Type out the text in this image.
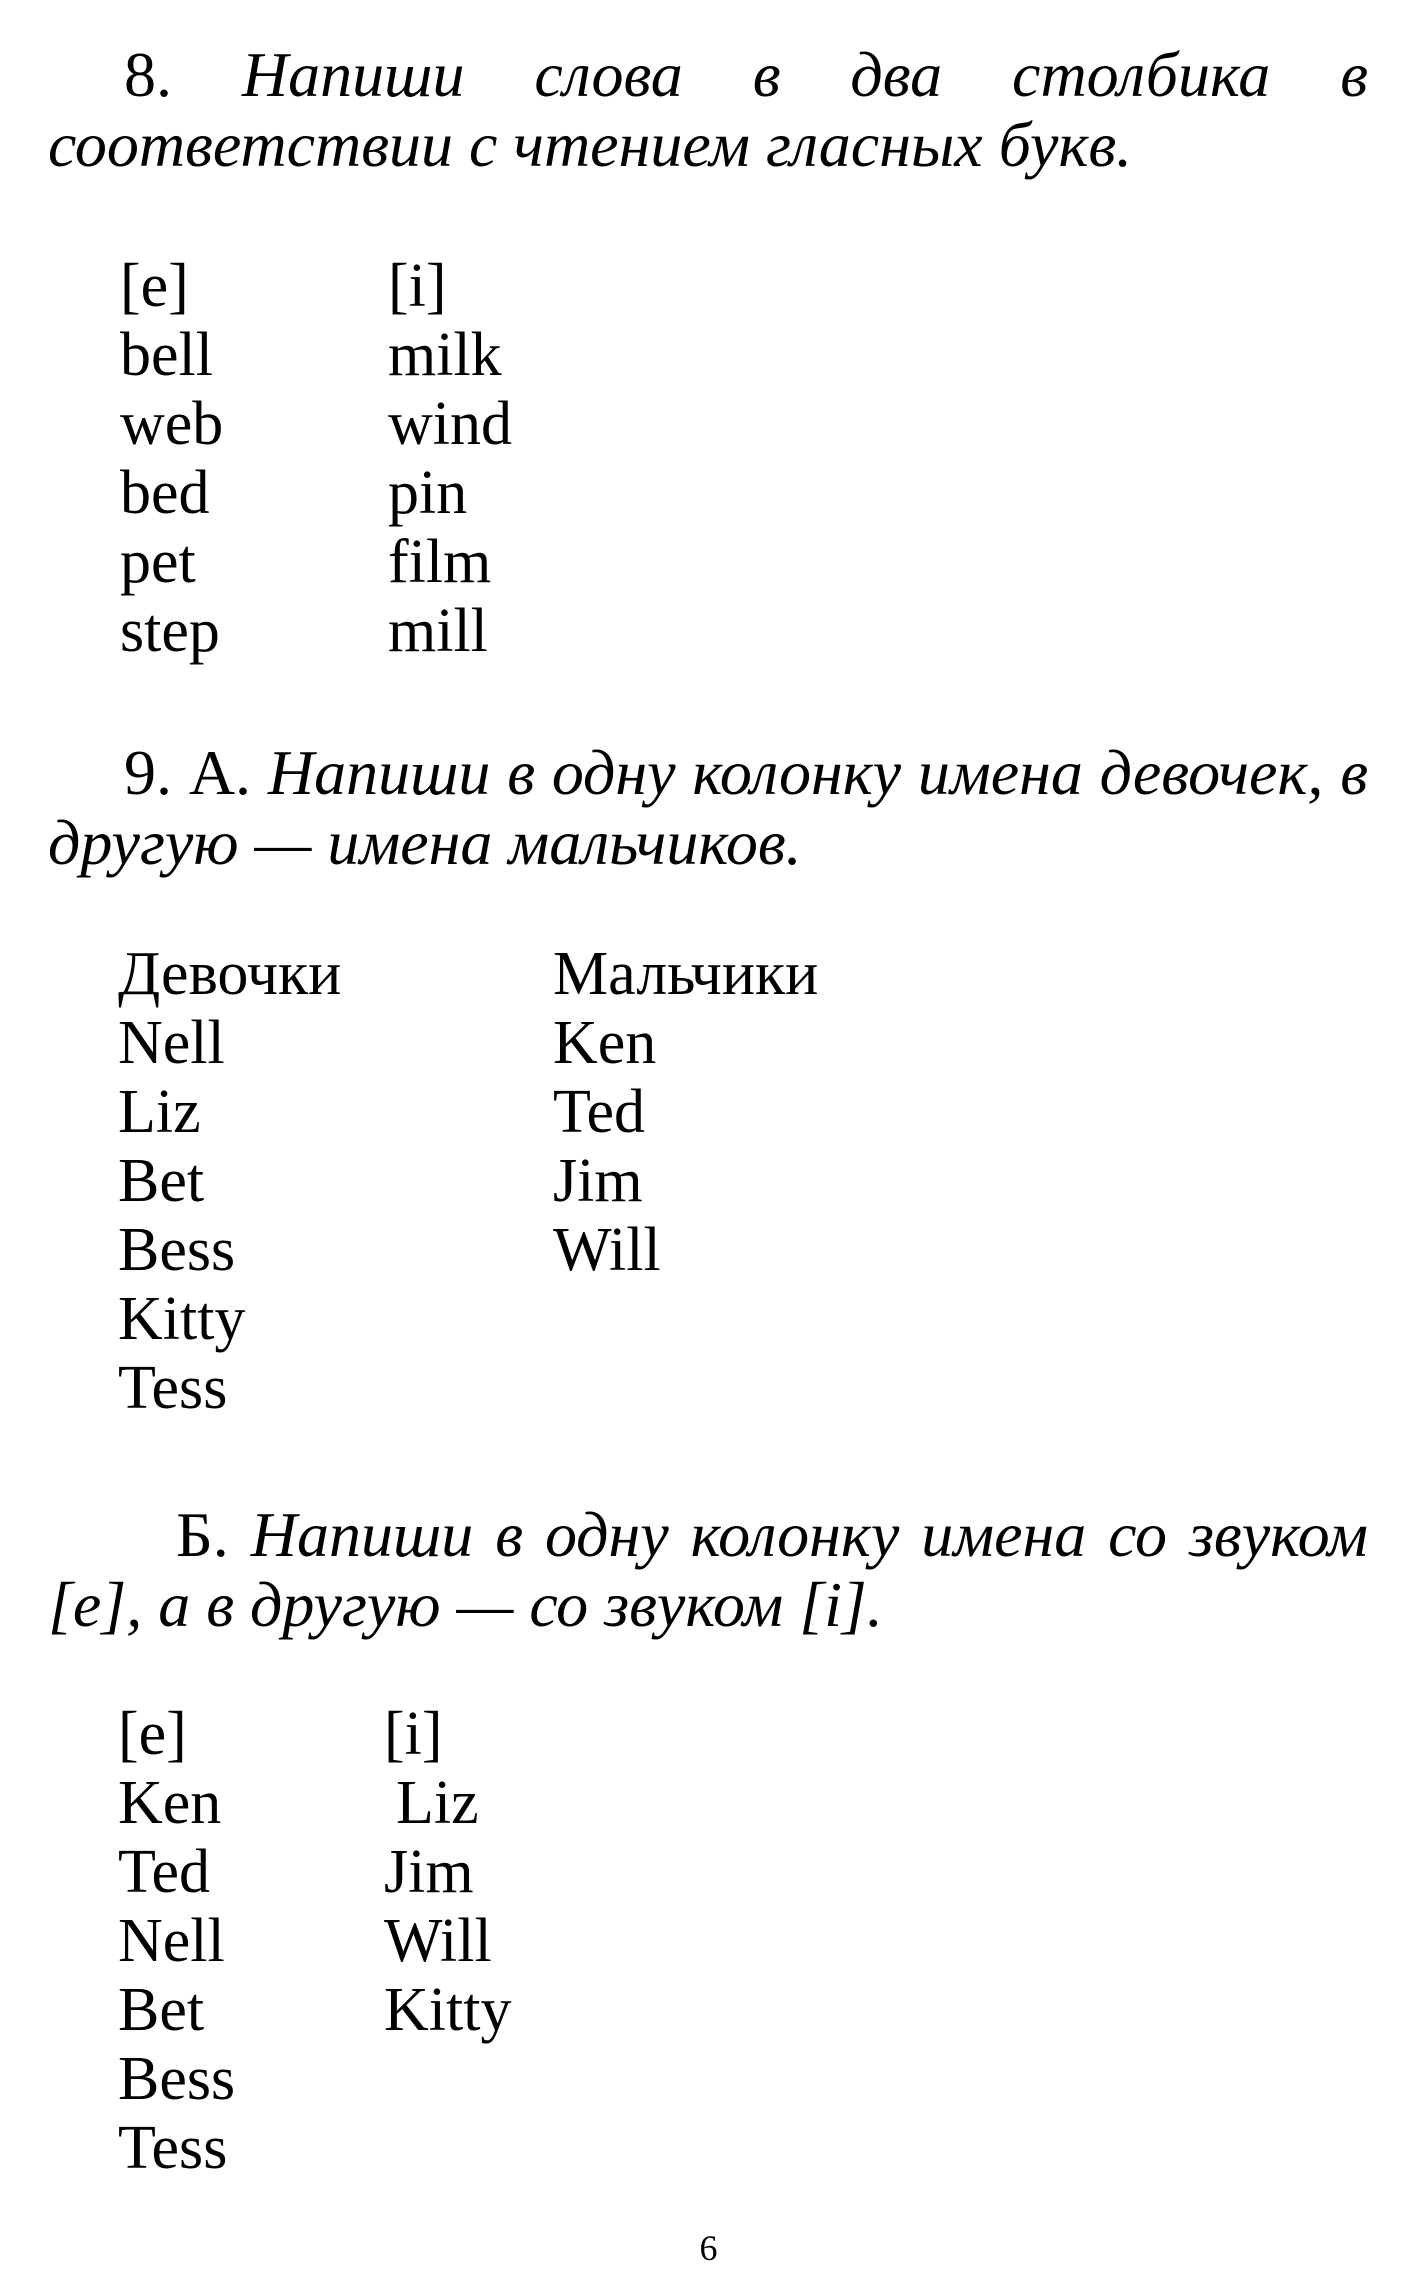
8. Напиши слова в два столбика в соответствии с чтением гласных букв.
[e]
bell
web
bed
pet
step
[i]
milk
wind
pin
film
mill
9. А. Напиши в одну колонку имена девочек, в другую — имена мальчиков.
Девочки
Nell
Liz
Bet
Bess
Kitty
Tess
Мальчики
Ken
Ted
Jim
Will
Б. Напиши в одну колонку имена со звуком [e], а в другую — со звуком [i].
[e]
Ken
Ted
Nell
Bet
Bess
Tess
[i]
Liz
Jim
Will
Kitty
6
